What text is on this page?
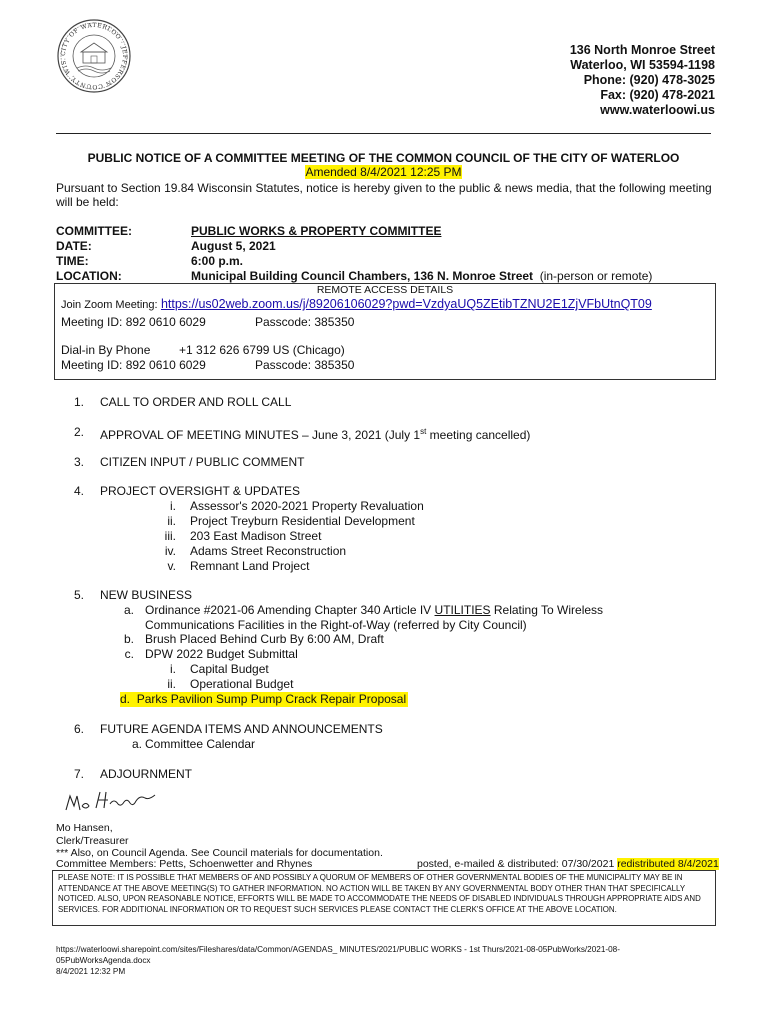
CITY OF WATERLOO · JEFFERSON COUNTY, WIS.
136 North Monroe Street
Waterloo, WI 53594-1198
Phone: (920) 478-3025
Fax: (920) 478-2021
www.waterloowi.us
PUBLIC NOTICE OF A COMMITTEE MEETING OF THE COMMON COUNCIL OF THE CITY OF WATERLOO
Amended 8/4/2021 12:25 PM
Pursuant to Section 19.84 Wisconsin Statutes, notice is hereby given to the public & news media, that the following meeting will be held:
COMMITTEE:	PUBLIC WORKS & PROPERTY COMMITTEE
DATE:	August 5, 2021
TIME:	6:00 p.m.
LOCATION:	Municipal Building Council Chambers, 136 N. Monroe Street (in-person or remote)
REMOTE ACCESS DETAILS
Join Zoom Meeting: https://us02web.zoom.us/j/89206106029?pwd=VzdyaUQ5ZEtibTZNU2E1ZjVFbUtnQT09
Meeting ID: 892 0610 6029	Passcode: 385350
Dial-in By Phone +1 312 626 6799 US (Chicago)
Meeting ID: 892 0610 6029	Passcode: 385350
1. CALL TO ORDER AND ROLL CALL
2. APPROVAL OF MEETING MINUTES – June 3, 2021 (July 1st meeting cancelled)
3. CITIZEN INPUT / PUBLIC COMMENT
4. PROJECT OVERSIGHT & UPDATES
i. Assessor's 2020-2021 Property Revaluation
ii. Project Treyburn Residential Development
iii. 203 East Madison Street
iv. Adams Street Reconstruction
v. Remnant Land Project
5. NEW BUSINESS
a. Ordinance #2021-06 Amending Chapter 340 Article IV UTILITIES Relating To Wireless
Communications Facilities in the Right-of-Way (referred by City Council)
b. Brush Placed Behind Curb By 6:00 AM, Draft
c. DPW 2022 Budget Submittal
i. Capital Budget
ii. Operational Budget
d. Parks Pavilion Sump Pump Crack Repair Proposal
6. FUTURE AGENDA ITEMS AND ANNOUNCEMENTS
a. Committee Calendar
7. ADJOURNMENT
Mo Hansen,
Clerk/Treasurer
*** Also, on Council Agenda. See Council materials for documentation.
Committee Members: Petts, Schoenwetter and Rhynes	posted, e-mailed & distributed: 07/30/2021 redistributed 8/4/2021
PLEASE NOTE: IT IS POSSIBLE THAT MEMBERS OF AND POSSIBLY A QUORUM OF MEMBERS OF OTHER GOVERNMENTAL BODIES OF THE MUNICIPALITY MAY BE IN ATTENDANCE AT THE ABOVE MEETING(S) TO GATHER INFORMATION. NO ACTION WILL BE TAKEN BY ANY GOVERNMENTAL BODY OTHER THAN THAT SPECIFICALLY NOTICED. ALSO, UPON REASONABLE NOTICE, EFFORTS WILL BE MADE TO ACCOMMODATE THE NEEDS OF DISABLED INDIVIDUALS THROUGH APPROPRIATE AIDS AND SERVICES. FOR ADDITIONAL INFORMATION OR TO REQUEST SUCH SERVICES PLEASE CONTACT THE CLERK'S OFFICE AT THE ABOVE LOCATION.
https://waterloowi.sharepoint.com/sites/Fileshares/data/Common/AGENDAS_ MINUTES/2021/PUBLIC WORKS - 1st Thurs/2021-08-05PubWorks/2021-08-
05PubWorksAgenda.docx
8/4/2021 12:32 PM
